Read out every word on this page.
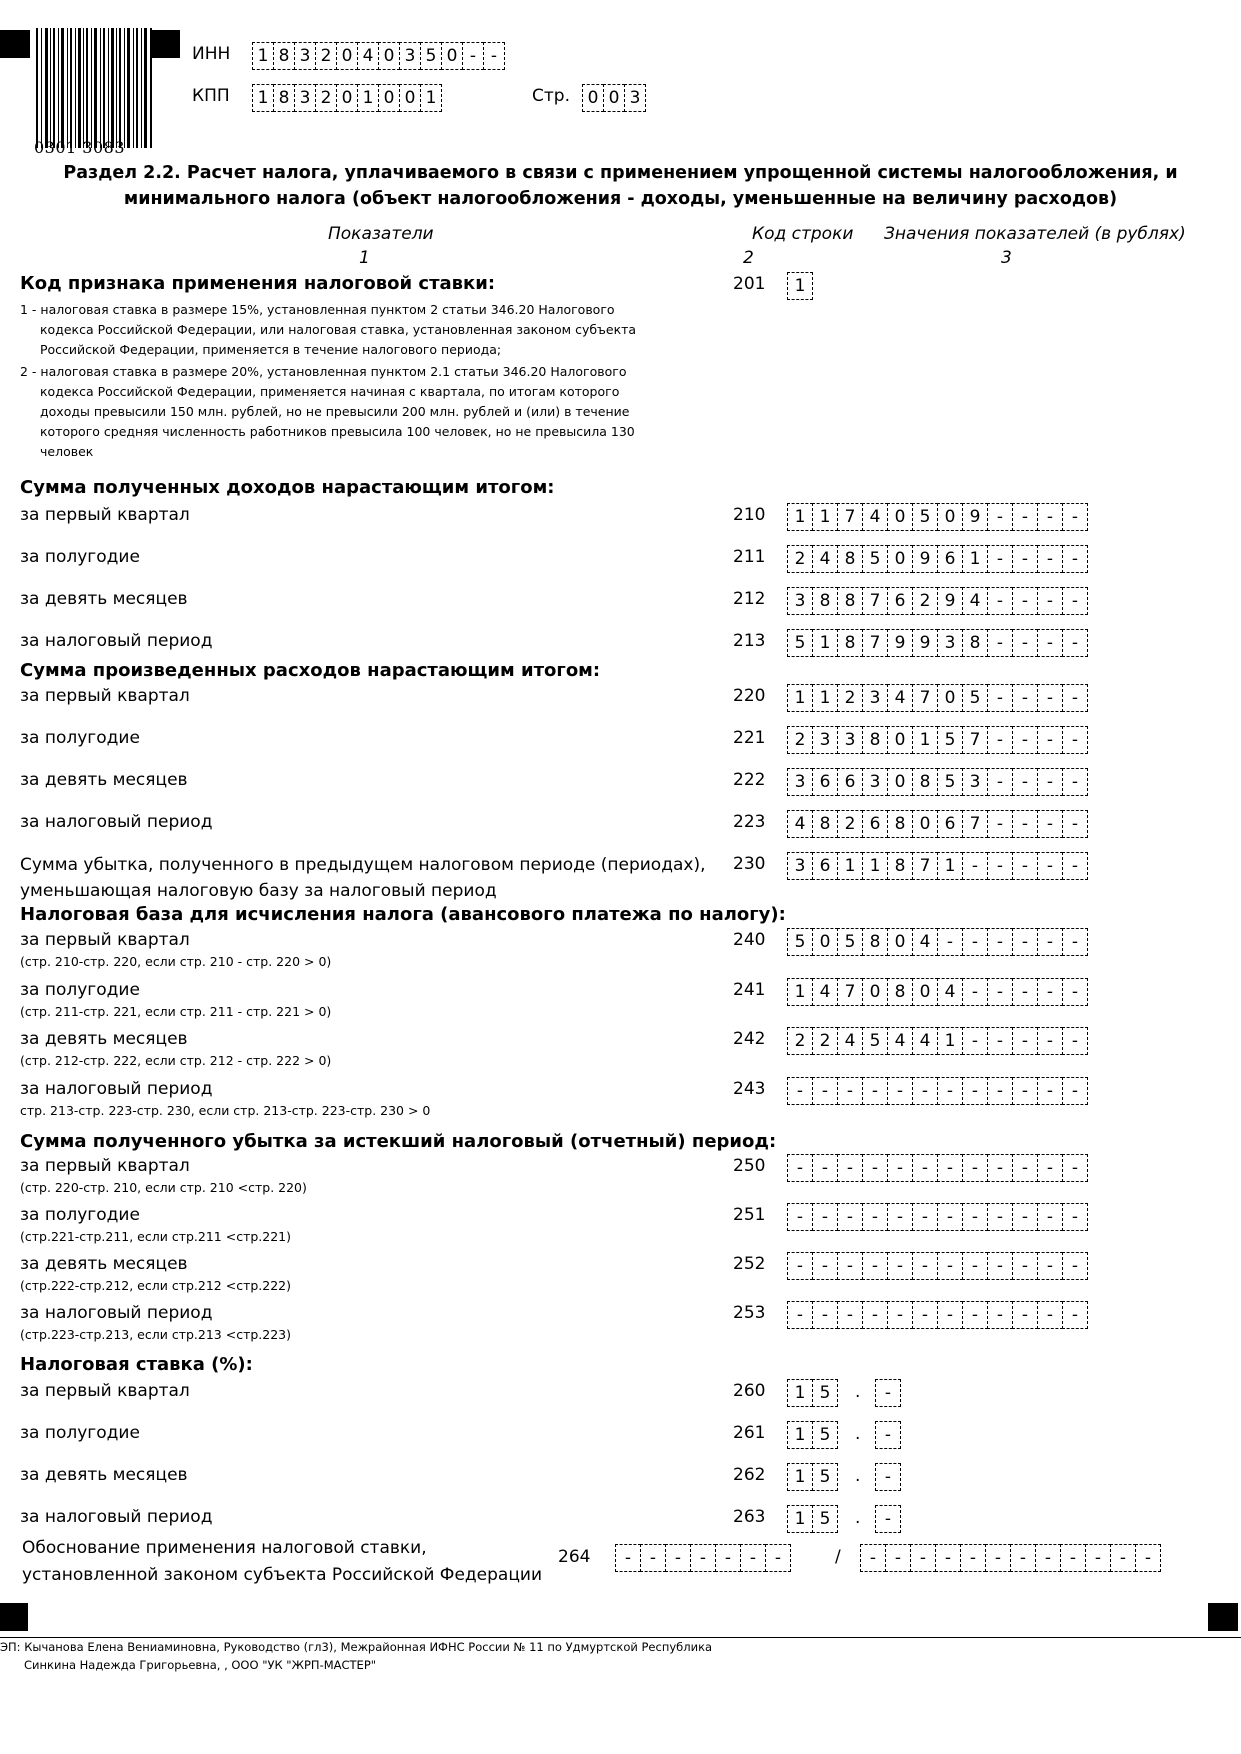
0301 3083
ИНН	1 8 3 2 0 4 0 3 5 0 - -
КПП	1 8 3 2 0 1 0 0 1	Стр.	0 0 3
Раздел 2.2. Расчет налога, уплачиваемого в связи с применением упрощенной системы налогообложения, и
минимального налога (объект налогообложения - доходы, уменьшенные на величину расходов)
Показатели	Код строки Значения показателей (в рублях)
1	2	3
Код признака применения налоговой ставки:	201	1
1 - налоговая ставка в размере 15%, установленная пунктом 2 статьи 346.20 Налогового
кодекса Российской Федерации, или налоговая ставка, установленная законом субъекта
Российской Федерации, применяется в течение налогового периода;
2 - налоговая ставка в размере 20%, установленная пунктом 2.1 статьи 346.20 Налогового
кодекса Российской Федерации, применяется начиная с квартала, по итогам которого
доходы превысили 150 млн. рублей, но не превысили 200 млн. рублей и (или) в течение
которого средняя численность работников превысила 100 человек, но не превысила 130
человек
Сумма полученных доходов нарастающим итогом:
за первый квартал	210	1 1 7 4 0 5 0 9 -	-	-	-
за полугодие	211	2 4 8 5 0 9 6 1 -	-	-	-
за девять месяцев	212	3 8 8 7 6 2 9 4 -	-	-	-
за налоговый период	213	5 1 8 7 9 9 3 8 -	-	-	-
Сумма произведенных расходов нарастающим итогом:
за первый квартал	220	1 1 2 3 4 7 0 5 -	-	-	-
за полугодие	221	2 3 3 8 0 1 5 7 -	-	-	-
за девять месяцев	222	3 6 6 3 0 8 5 3 -	-	-	-
за налоговый период	223	4 8 2 6 8 0 6 7 -	-	-	-
Сумма убытка, полученного в предыдущем налоговом периоде (периодах),
уменьшающая налоговую базу за налоговый период
230	3 6 1 1 8 7 1 -	-	-	-	-
Налоговая база для исчисления налога (авансового платежа по налогу):
за первый квартал
(стр. 210-стр. 220, если стр. 210 - стр. 220 > 0)
240	5 0 5 8 0 4 -	-	-	-	-	-
за полугодие
(стр. 211-стр. 221, если стр. 211 - стр. 221 > 0)
241	1 4 7 0 8 0 4 -	-	-	-	-
за девять месяцев
(стр. 212-стр. 222, если стр. 212 - стр. 222 > 0)
242	2 2 4 5 4 4 1 -	-	-	-	-
за налоговый период
стр. 213-стр. 223-стр. 230, если стр. 213-стр. 223-стр. 230 > 0
243	-	-	-	-	-	-	-	-	-	-	-	-
Сумма полученного убытка за истекший налоговый (отчетный) период:
за первый квартал
(стр. 220-стр. 210, если стр. 210 <стр. 220)
250	-	-	-	-	-	-	-	-	-	-	-	-
за полугодие
(стр.221-стр.211, если стр.211 <стр.221)
251	-	-	-	-	-	-	-	-	-	-	-	-
за девять месяцев
(стр.222-стр.212, если стр.212 <стр.222)
252	-	-	-	-	-	-	-	-	-	-	-	-
за налоговый период
(стр.223-стр.213, если стр.213 <стр.223)
253	-	-	-	-	-	-	-	-	-	-	-	-
Налоговая ставка (%):
за первый квартал	260	1 5	.	-
за полугодие	261	1 5	.	-
за девять месяцев	262	1 5	.	-
за налоговый период	263	1 5	.	-
Обоснование применения налоговой ставки,
установленной законом субъекта Российской Федерации
264	-	-	-	-	-	-	-	/	-	-	-	-	-	-	-	-	-	-	-	-
ЭП: Кычанова Елена Вениаминовна, Руководство (гл3), Межрайонная ИФНС России № 11 по Удмуртской Республика
Синкина Надежда Григорьевна, , ООО "УК "ЖРП-МАСТЕР"
